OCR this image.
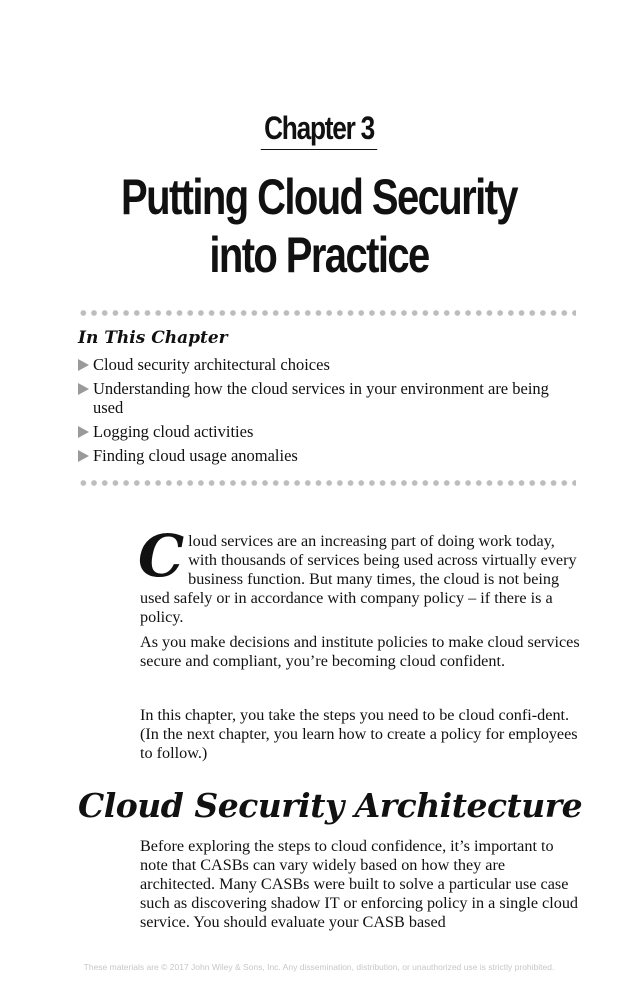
Chapter 3
Putting Cloud Security
into Practice
In This Chapter
Cloud security architectural choices
Understanding how the cloud services in your environment are being used
Logging cloud activities
Finding cloud usage anomalies

Cloud services are an increasing part of doing work today, with thousands of services being used across virtually every business function. But many times, the cloud is not being used safely or in accordance with company policy – if there is a policy.

As you make decisions and institute policies to make cloud services secure and compliant, you’re becoming cloud confident.

In this chapter, you take the steps you need to be cloud confi-dent. (In the next chapter, you learn how to create a policy for employees to follow.)

Cloud Security Architecture

Before exploring the steps to cloud confidence, it’s important to note that CASBs can vary widely based on how they are architected. Many CASBs were built to solve a particular use case such as discovering shadow IT or enforcing policy in a single cloud service. You should evaluate your CASB based

These materials are © 2017 John Wiley & Sons, Inc. Any dissemination, distribution, or unauthorized use is strictly prohibited.
